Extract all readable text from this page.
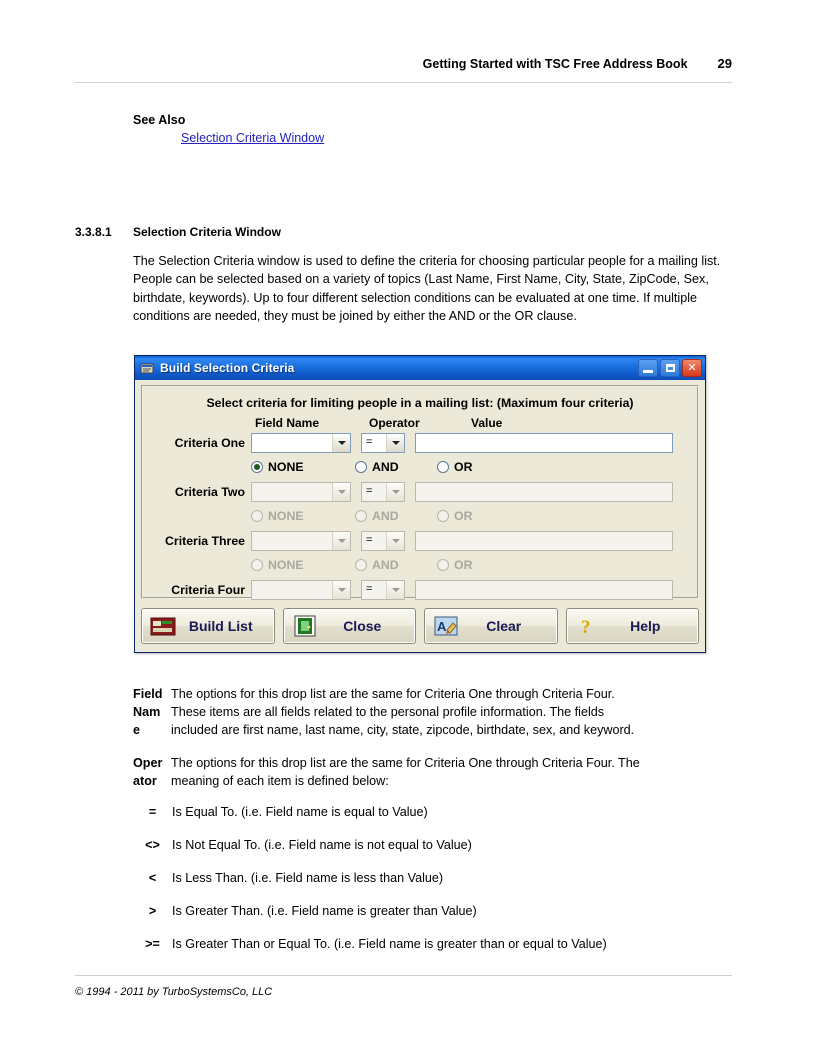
Getting Started with TSC Free Address Book 29
See Also
Selection Criteria Window
3.3.8.1 Selection Criteria Window
The Selection Criteria window is used to define the criteria for choosing particular people for a mailing list. People can be selected based on a variety of topics (Last Name, First Name, City, State, ZipCode, Sex, birthdate, keywords). Up to four different selection conditions can be evaluated at one time. If multiple conditions are needed, they must be joined by either the AND or the OR clause.
Build Selection Criteria	✕
Select criteria for limiting people in a mailing list: (Maximum four criteria)
Field Name	Operator	Value
Criteria One	=
NONE	AND	OR
Criteria Two	=
NONE	AND	OR
Criteria Three	=
NONE	AND	OR
Criteria Four	=
Build List	Close	A	Clear	?	Help
Field The options for this drop list are the same for Criteria One through Criteria Four.
Nam These items are all fields related to the personal profile information. The fields
e	included are first name, last name, city, state, zipcode, birthdate, sex, and keyword.
Oper The options for this drop list are the same for Criteria One through Criteria Four. The
ator	meaning of each item is defined below:
=	Is Equal To. (i.e. Field name is equal to Value)
<> Is Not Equal To. (i.e. Field name is not equal to Value)
<	Is Less Than. (i.e. Field name is less than Value)
>	Is Greater Than. (i.e. Field name is greater than Value)
>= Is Greater Than or Equal To. (i.e. Field name is greater than or equal to Value)
© 1994 - 2011 by TurboSystemsCo, LLC
